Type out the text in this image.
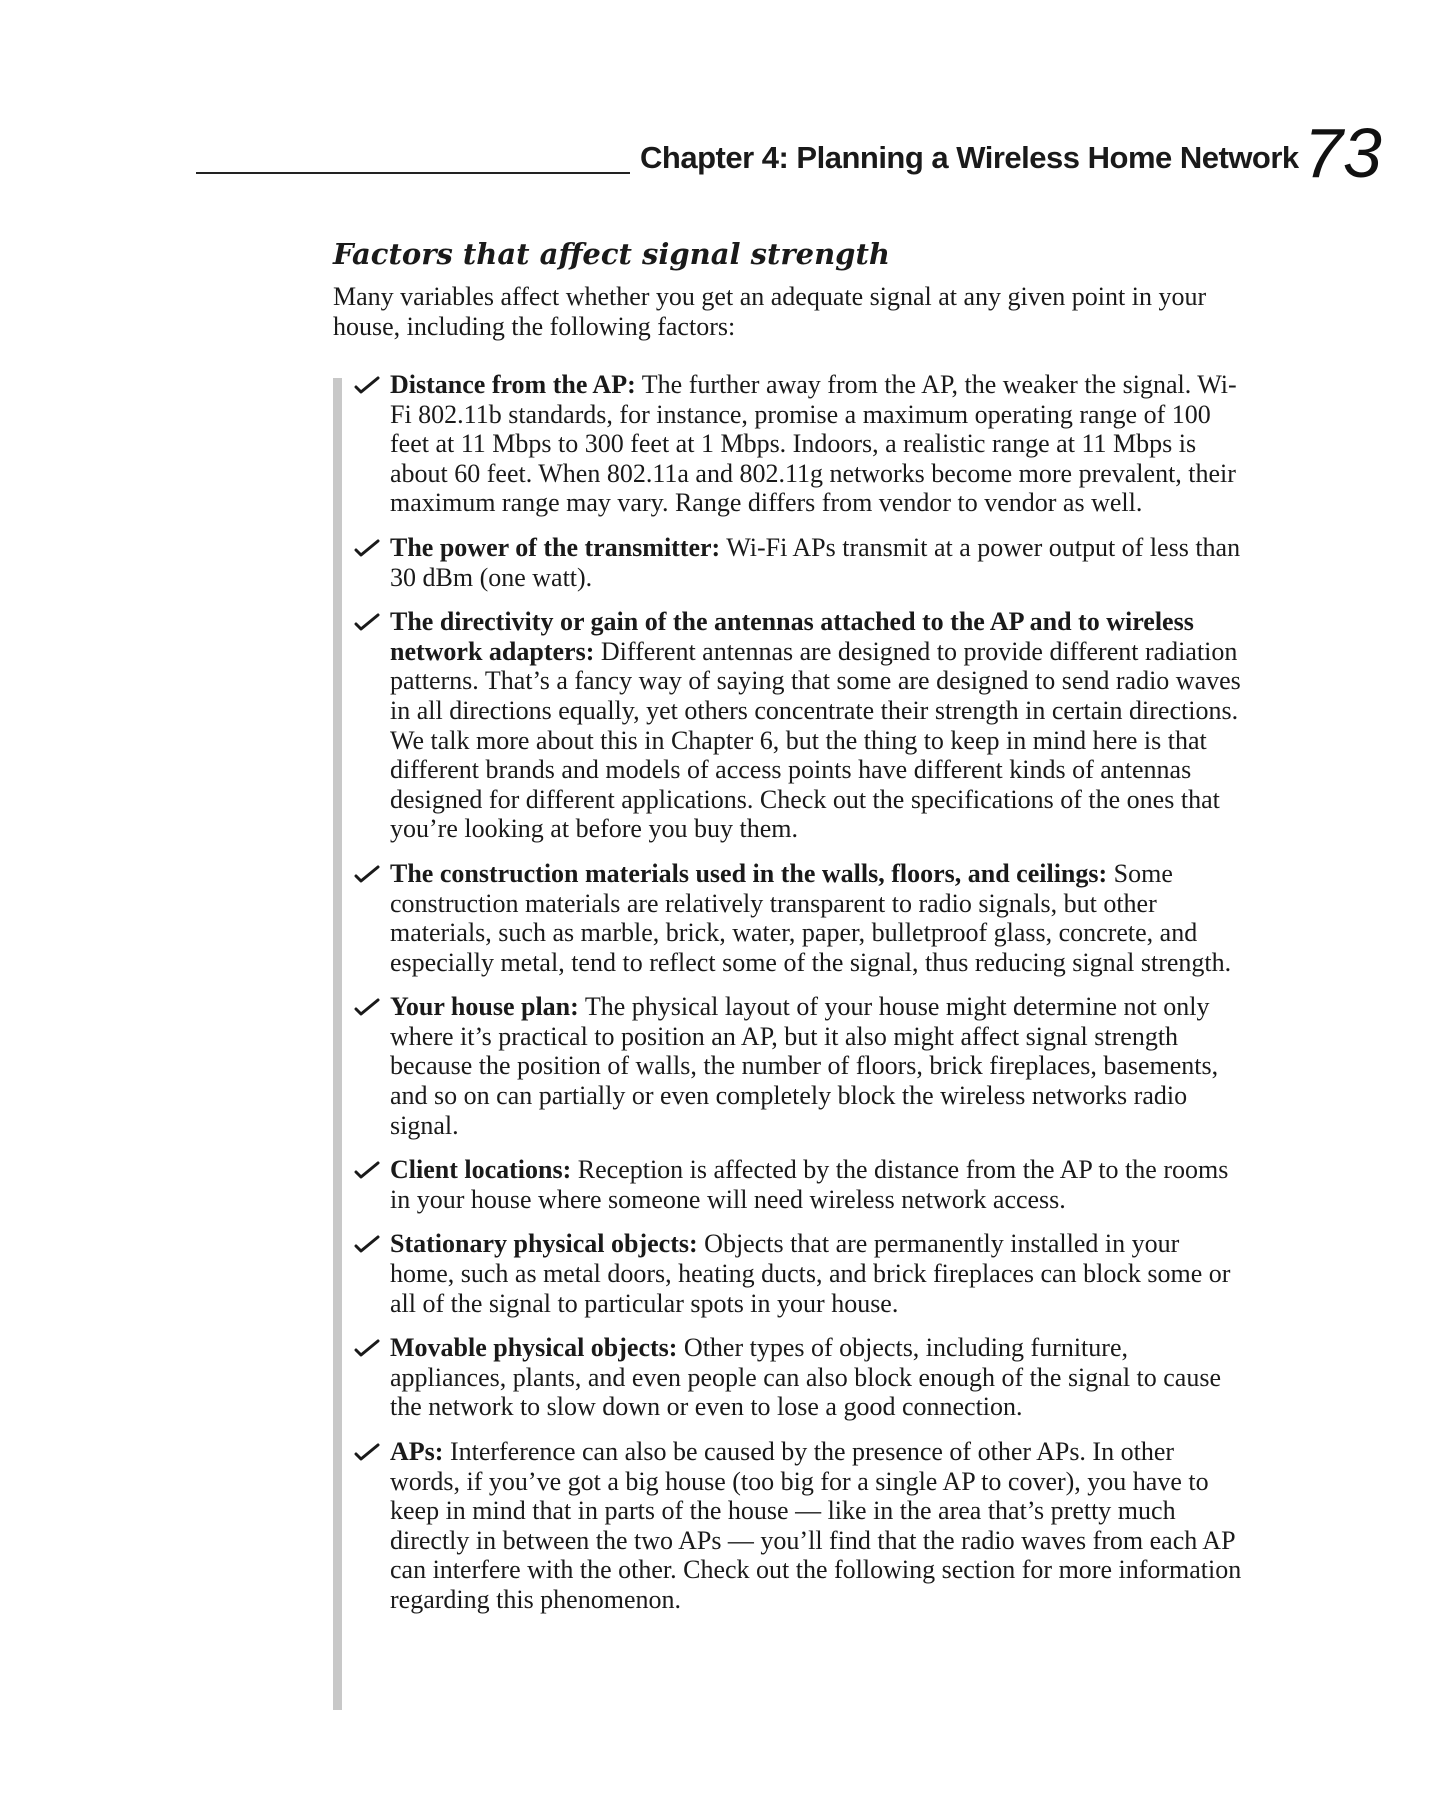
Chapter 4: Planning a Wireless Home Network 73
Factors that affect signal strength

Many variables affect whether you get an adequate signal at any given point in your house, including the following factors:

Distance from the AP: The further away from the AP, the weaker the signal. Wi-Fi 802.11b standards, for instance, promise a maximum operating range of 100 feet at 11 Mbps to 300 feet at 1 Mbps. Indoors, a realistic range at 11 Mbps is about 60 feet. When 802.11a and 802.11g networks become more prevalent, their maximum range may vary. Range differs from vendor to vendor as well.
The power of the transmitter: Wi-Fi APs transmit at a power output of less than 30 dBm (one watt).
The directivity or gain of the antennas attached to the AP and to wireless network adapters: Different antennas are designed to provide different radiation patterns. That’s a fancy way of saying that some are designed to send radio waves in all directions equally, yet others concentrate their strength in certain directions. We talk more about this in Chapter 6, but the thing to keep in mind here is that different brands and models of access points have different kinds of antennas designed for different applications. Check out the specifications of the ones that you’re looking at before you buy them.
The construction materials used in the walls, floors, and ceilings: Some construction materials are relatively transparent to radio signals, but other materials, such as marble, brick, water, paper, bulletproof glass, concrete, and especially metal, tend to reflect some of the signal, thus reducing signal strength.
Your house plan: The physical layout of your house might determine not only where it’s practical to position an AP, but it also might affect signal strength because the position of walls, the number of floors, brick fireplaces, basements, and so on can partially or even completely block the wireless networks radio signal.
Client locations: Reception is affected by the distance from the AP to the rooms in your house where someone will need wireless network access.
Stationary physical objects: Objects that are permanently installed in your home, such as metal doors, heating ducts, and brick fireplaces can block some or all of the signal to particular spots in your house.
Movable physical objects: Other types of objects, including furniture, appliances, plants, and even people can also block enough of the signal to cause the network to slow down or even to lose a good connection.
APs: Interference can also be caused by the presence of other APs. In other words, if you’ve got a big house (too big for a single AP to cover), you have to keep in mind that in parts of the house — like in the area that’s pretty much directly in between the two APs — you’ll find that the radio waves from each AP can interfere with the other. Check out the following section for more information regarding this phenomenon.
